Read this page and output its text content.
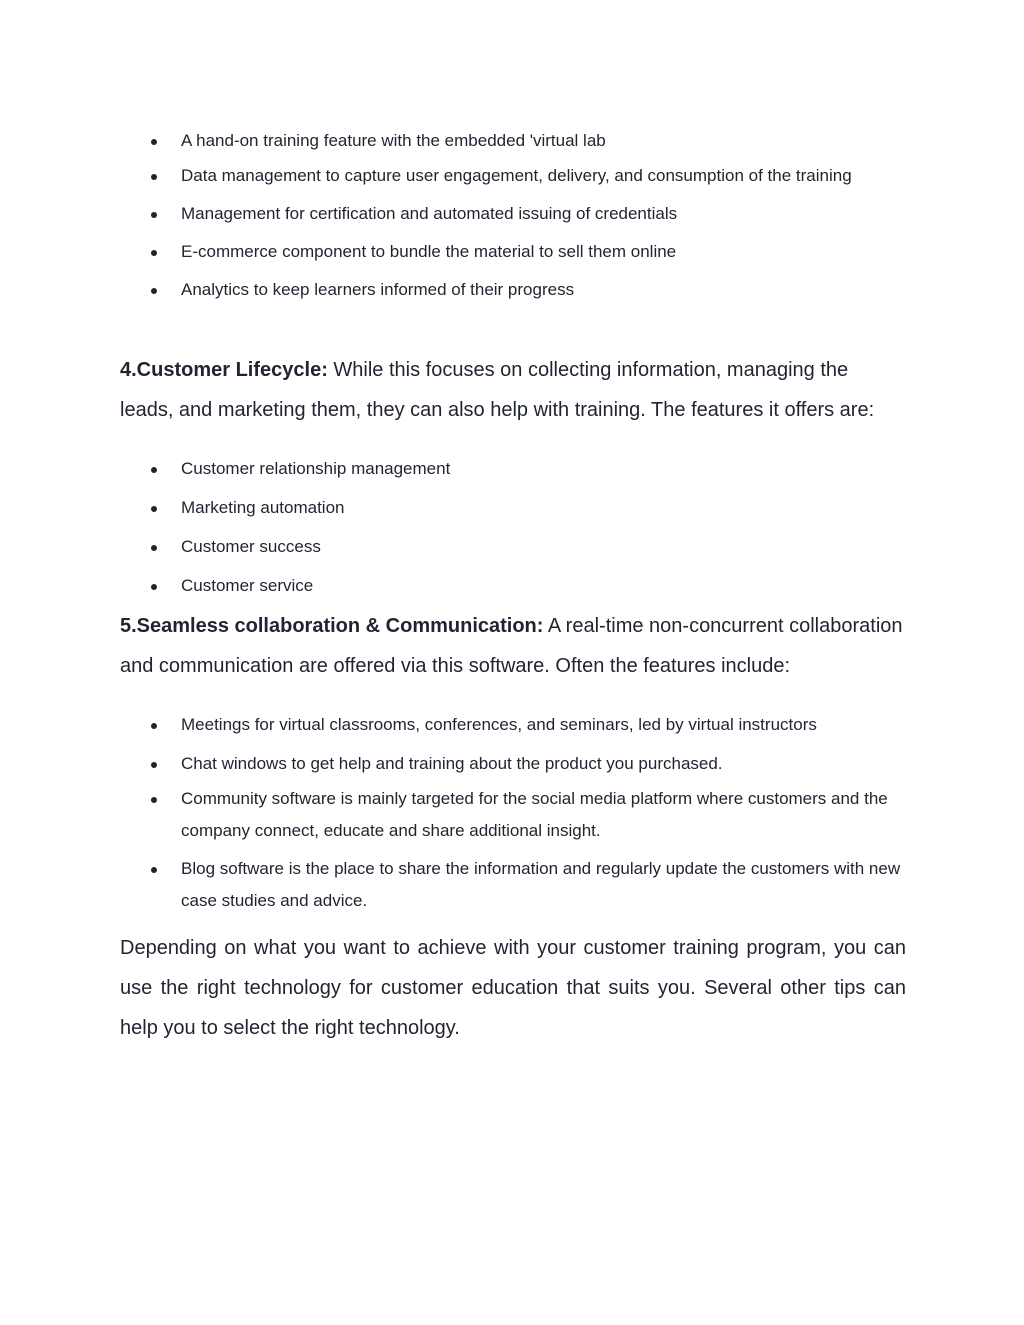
A hand-on training feature with the embedded 'virtual lab
Data management to capture user engagement, delivery, and consumption of the training
Management for certification and automated issuing of credentials
E-commerce component to bundle the material to sell them online
Analytics to keep learners informed of their progress

4.Customer Lifecycle: While this focuses on collecting information, managing the leads, and marketing them, they can also help with training. The features it offers are:

Customer relationship management
Marketing automation
Customer success
Customer service

5.Seamless collaboration & Communication: A real-time non-concurrent collaboration and communication are offered via this software. Often the features include:

Meetings for virtual classrooms, conferences, and seminars, led by virtual instructors
Chat windows to get help and training about the product you purchased.
Community software is mainly targeted for the social media platform where customers and the company connect, educate and share additional insight.
Blog software is the place to share the information and regularly update the customers with new case studies and advice.

Depending on what you want to achieve with your customer training program, you can use the right technology for customer education that suits you. Several other tips can help you to select the right technology.
